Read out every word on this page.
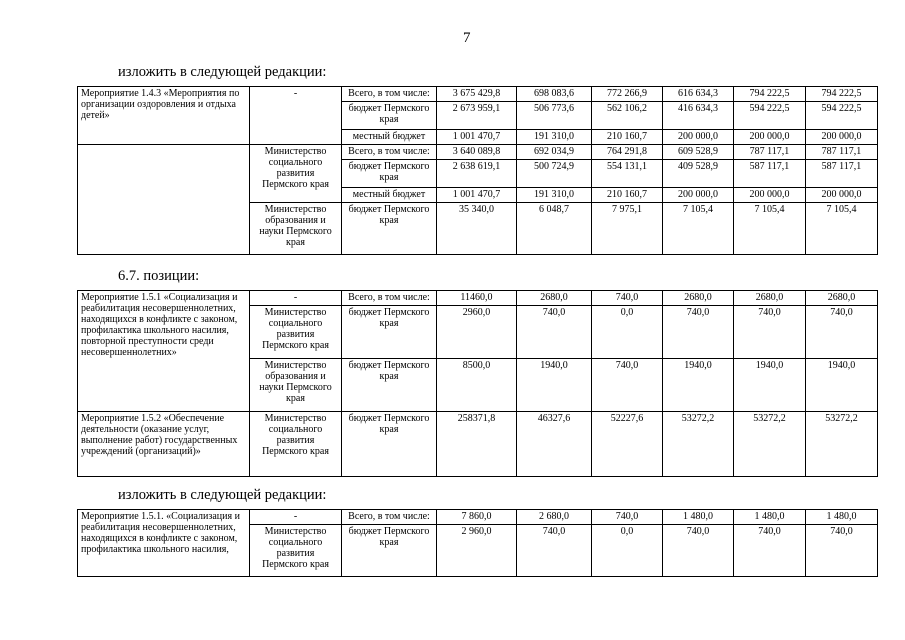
7
изложить в следующей редакции:
Мероприятие 1.4.3 «Мероприятия по организации оздоровления и отдыха детей»	-	Всего, в том числе:	3 675 429,8	698 083,6	772 266,9	616 634,3	794 222,5	794 222,5
		бюджет Пермского края	2 673 959,1	506 773,6	562 106,2	416 634,3	594 222,5	594 222,5
		местный бюджет	1 001 470,7	191 310,0	210 160,7	200 000,0	200 000,0	200 000,0
	Министерство социального развития Пермского края	Всего, в том числе:	3 640 089,8	692 034,9	764 291,8	609 528,9	787 117,1	787 117,1
		бюджет Пермского края	2 638 619,1	500 724,9	554 131,1	409 528,9	587 117,1	587 117,1
		местный бюджет	1 001 470,7	191 310,0	210 160,7	200 000,0	200 000,0	200 000,0
	Министерство образования и науки Пермского края	бюджет Пермского края	35 340,0	6 048,7	7 975,1	7 105,4	7 105,4	7 105,4
6.7. позиции:
Мероприятие 1.5.1 «Социализация и реабилитация несовершеннолетних, находящихся в конфликте с законом, профилактика школьного насилия, повторной преступности среди несовершеннолетних»	-	Всего, в том числе:	11460,0	2680,0	740,0	2680,0	2680,0	2680,0
	Министерство социального развития Пермского края	бюджет Пермского края	2960,0	740,0	0,0	740,0	740,0	740,0
	Министерство образования и науки Пермского края	бюджет Пермского края	8500,0	1940,0	740,0	1940,0	1940,0	1940,0
Мероприятие 1.5.2 «Обеспечение деятельности (оказание услуг, выполнение работ) государственных учреждений (организаций)»	Министерство социального развития Пермского края	бюджет Пермского края	258371,8	46327,6	52227,6	53272,2	53272,2	53272,2
изложить в следующей редакции:
Мероприятие 1.5.1. «Социализация и реабилитация несовершеннолетних, находящихся в конфликте с законом, профилактика школьного насилия,	-	Всего, в том числе:	7 860,0	2 680,0	740,0	1 480,0	1 480,0	1 480,0
	Министерство социального развития Пермского края	бюджет Пермского края	2 960,0	740,0	0,0	740,0	740,0	740,0
